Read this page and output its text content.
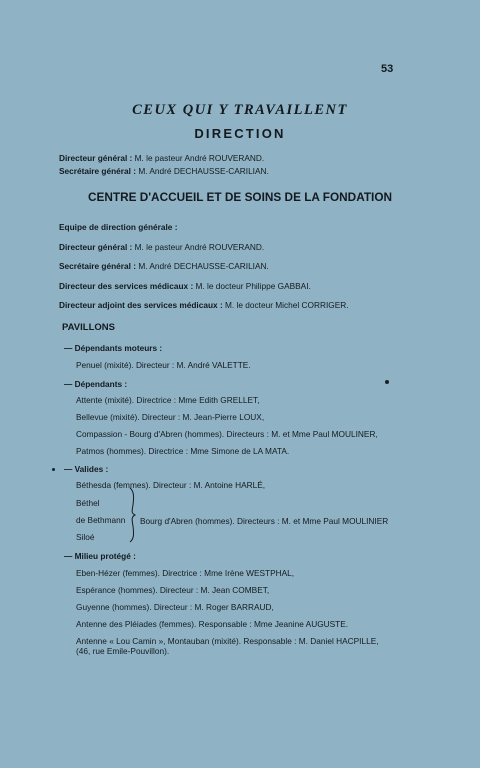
53
CEUX QUI Y TRAVAILLENT
DIRECTION
Directeur général : M. le pasteur André ROUVERAND.
Secrétaire général : M. André DECHAUSSE-CARILIAN.
CENTRE D'ACCUEIL ET DE SOINS DE LA FONDATION
Equipe de direction générale :
Directeur général : M. le pasteur André ROUVERAND.
Secrétaire général : M. André DECHAUSSE-CARILIAN.
Directeur des services médicaux : M. le docteur Philippe GABBAI.
Directeur adjoint des services médicaux : M. le docteur Michel CORRIGER.
PAVILLONS
— Dépendants moteurs :
Penuel (mixité). Directeur : M. André VALETTE.
— Dépendants :
Attente (mixité). Directrice : Mme Edith GRELLET,
Bellevue (mixité). Directeur : M. Jean-Pierre LOUX,
Compassion - Bourg d'Abren (hommes). Directeurs : M. et Mme Paul MOULINER,
Patmos (hommes). Directrice : Mme Simone de LA MATA.
— Valides :
Béthesda (femmes). Directeur : M. Antoine HARLÉ,
Béthel
de Bethmann
Siloé
Bourg d'Abren (hommes). Directeurs : M. et Mme Paul MOULINIER
— Milieu protégé :
Eben-Hézer (femmes). Directrice : Mme Irène WESTPHAL,
Espérance (hommes). Directeur : M. Jean COMBET,
Guyenne (hommes). Directeur : M. Roger BARRAUD,
Antenne des Pléiades (femmes). Responsable : Mme Jeanine AUGUSTE.
Antenne « Lou Camin », Montauban (mixité). Responsable : M. Daniel HACPILLE,
(46, rue Emile-Pouvillon).
